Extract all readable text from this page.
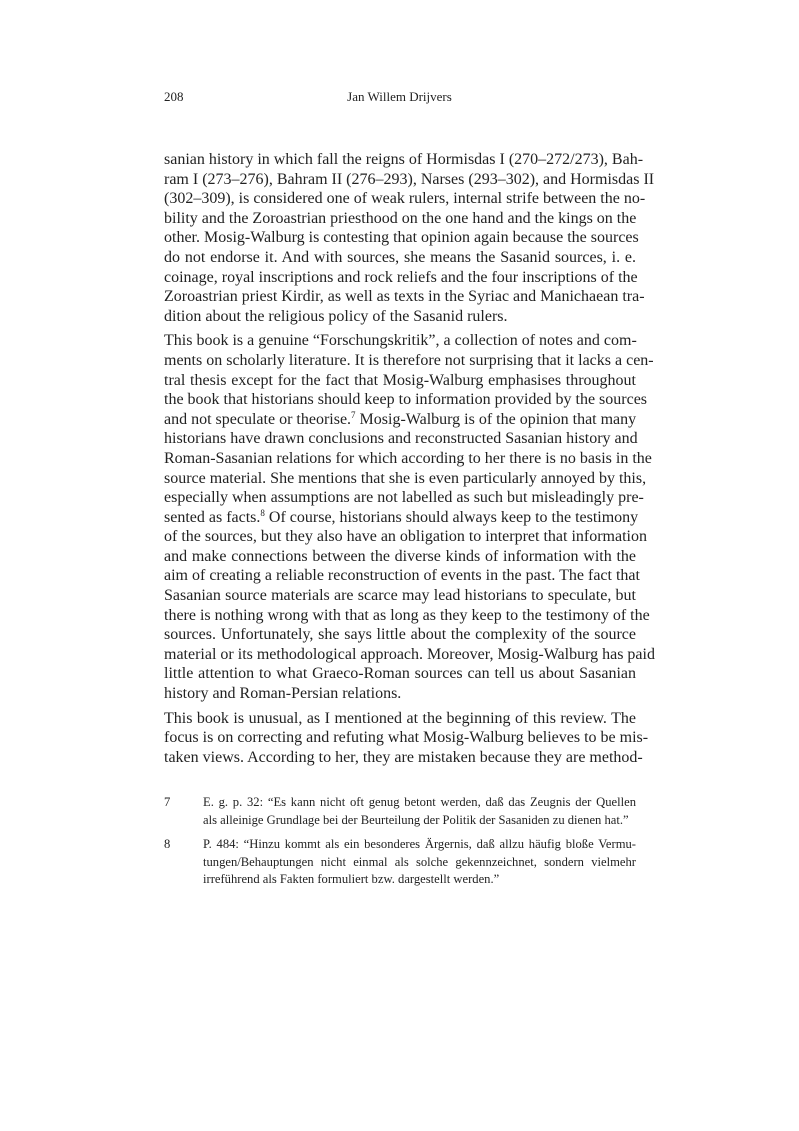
208	Jan Willem Drijvers
sanian history in which fall the reigns of Hormisdas I (270–272/273), Bah-
ram I (273–276), Bahram II (276–293), Narses (293–302), and Hormisdas II
(302–309), is considered one of weak rulers, internal strife between the no-
bility and the Zoroastrian priesthood on the one hand and the kings on the
other. Mosig-Walburg is contesting that opinion again because the sources
do not endorse it. And with sources, she means the Sasanid sources, i. e.
coinage, royal inscriptions and rock reliefs and the four inscriptions of the
Zoroastrian priest Kirdir, as well as texts in the Syriac and Manichaean tra-
dition about the religious policy of the Sasanid rulers.
This book is a genuine “Forschungskritik”, a collection of notes and com-
ments on scholarly literature. It is therefore not surprising that it lacks a cen-
tral thesis except for the fact that Mosig-Walburg emphasises throughout
the book that historians should keep to information provided by the sources
and not speculate or theorise.$^7$ Mosig-Walburg is of the opinion that many
historians have drawn conclusions and reconstructed Sasanian history and
Roman-Sasanian relations for which according to her there is no basis in the
source material. She mentions that she is even particularly annoyed by this,
especially when assumptions are not labelled as such but misleadingly pre-
sented as facts.$^8$ Of course, historians should always keep to the testimony
of the sources, but they also have an obligation to interpret that information
and make connections between the diverse kinds of information with the
aim of creating a reliable reconstruction of events in the past. The fact that
Sasanian source materials are scarce may lead historians to speculate, but
there is nothing wrong with that as long as they keep to the testimony of the
sources. Unfortunately, she says little about the complexity of the source
material or its methodological approach. Moreover, Mosig-Walburg has paid
little attention to what Graeco-Roman sources can tell us about Sasanian
history and Roman-Persian relations.
This book is unusual, as I mentioned at the beginning of this review. The
focus is on correcting and refuting what Mosig-Walburg believes to be mis-
taken views. According to her, they are mistaken because they are method-
7	E. g. p. 32: “Es kann nicht oft genug betont werden, daß das Zeugnis der Quellen
als alleinige Grundlage bei der Beurteilung der Politik der Sasaniden zu dienen hat.”
8	P. 484: “Hinzu kommt als ein besonderes Ärgernis, daß allzu häufig bloße Vermu-
tungen/Behauptungen nicht einmal als solche gekennzeichnet, sondern vielmehr
irreführend als Fakten formuliert bzw. dargestellt werden.”
